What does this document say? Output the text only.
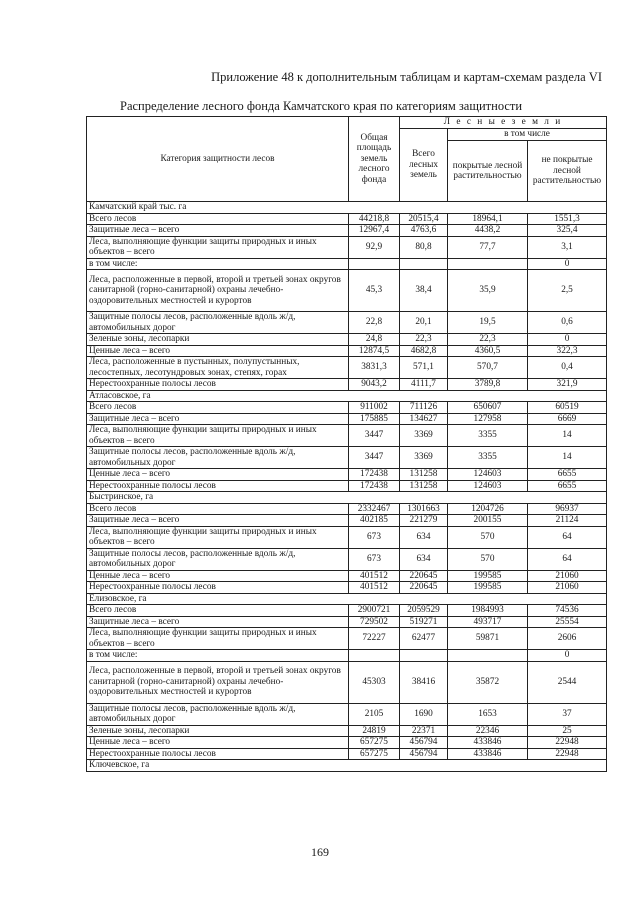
Приложение 48 к дополнительным таблицам и картам-схемам раздела VI
Распределение лесного фонда Камчатского края по категориям защитности
Категория защитности лесов	Общая площадь земель лесного фонда	Л е с н ы е з е м л и		
		Всего лесных земель	в том числе	
			покрытые лесной растительностью	не покрытые лесной растительностью
Камчатский край тыс. га				
Всего лесов	44218,8	20515,4	18964,1	1551,3
Защитные леса – всего	12967,4	4763,6	4438,2	325,4
Леса, выполняющие функции защиты природных и иных объектов – всего	92,9	80,8	77,7	3,1
в том числе:				0
Леса, расположенные в первой, второй и третьей зонах округов санитарной (горно-санитарной) охраны лечебно-оздоровительных местностей и курортов	45,3	38,4	35,9	2,5
Защитные полосы лесов, расположенные вдоль ж/д, автомобильных дорог	22,8	20,1	19,5	0,6
Зеленые зоны, лесопарки	24,8	22,3	22,3	0
Ценные леса – всего	12874,5	4682,8	4360,5	322,3
Леса, расположенные в пустынных, полупустынных, лесостепных, лесотундровых зонах, степях, горах	3831,3	571,1	570,7	0,4
Нерестоохранные полосы лесов	9043,2	4111,7	3789,8	321,9
Атласовское, га				
Всего лесов	911002	711126	650607	60519
Защитные леса – всего	175885	134627	127958	6669
Леса, выполняющие функции защиты природных и иных объектов – всего	3447	3369	3355	14
Защитные полосы лесов, расположенные вдоль ж/д, автомобильных дорог	3447	3369	3355	14
Ценные леса – всего	172438	131258	124603	6655
Нерестоохранные полосы лесов	172438	131258	124603	6655
Быстринское, га				
Всего лесов	2332467	1301663	1204726	96937
Защитные леса – всего	402185	221279	200155	21124
Леса, выполняющие функции защиты природных и иных объектов – всего	673	634	570	64
Защитные полосы лесов, расположенные вдоль ж/д, автомобильных дорог	673	634	570	64
Ценные леса – всего	401512	220645	199585	21060
Нерестоохранные полосы лесов	401512	220645	199585	21060
Елизовское, га				
Всего лесов	2900721	2059529	1984993	74536
Защитные леса – всего	729502	519271	493717	25554
Леса, выполняющие функции защиты природных и иных объектов – всего	72227	62477	59871	2606
в том числе:				0
Леса, расположенные в первой, второй и третьей зонах округов санитарной (горно-санитарной) охраны лечебно-оздоровительных местностей и курортов	45303	38416	35872	2544
Защитные полосы лесов, расположенные вдоль ж/д, автомобильных дорог	2105	1690	1653	37
Зеленые зоны, лесопарки	24819	22371	22346	25
Ценные леса – всего	657275	456794	433846	22948
Нерестоохранные полосы лесов	657275	456794	433846	22948
Ключевское, га				
169
